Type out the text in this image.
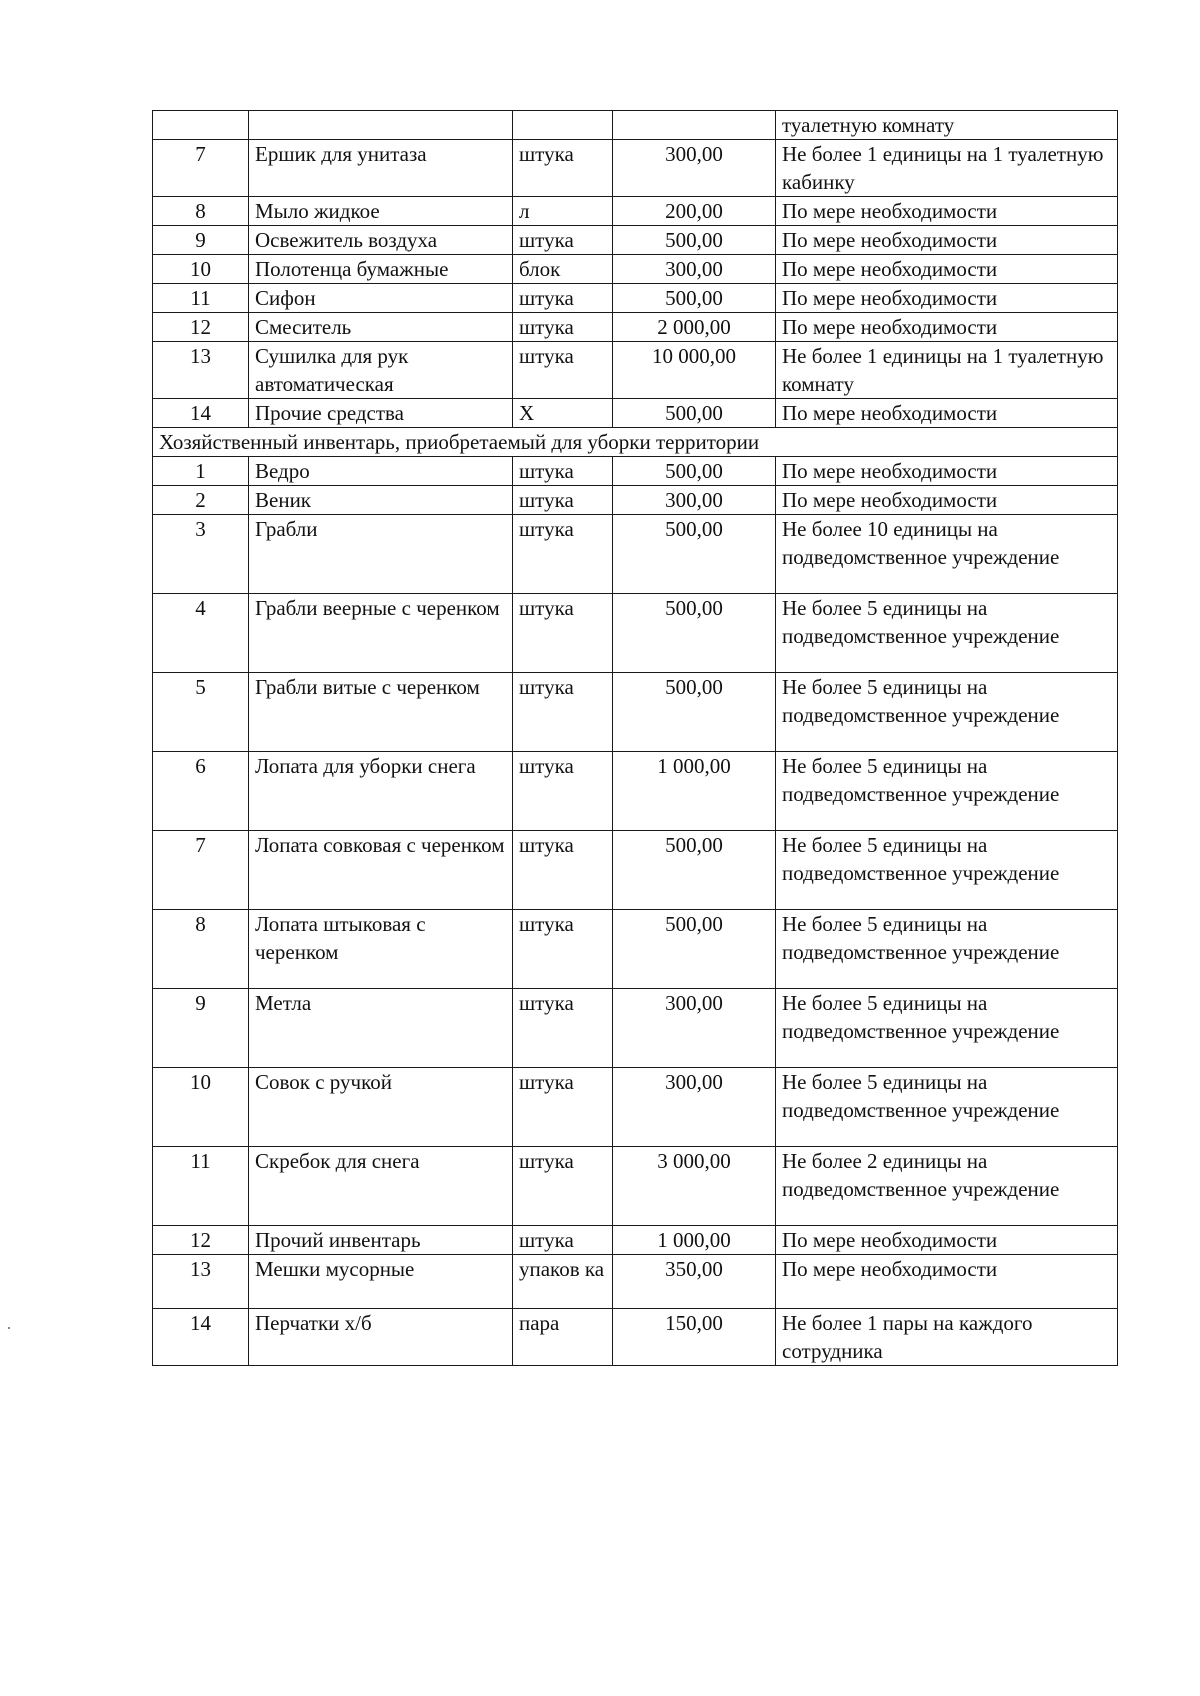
				туалетную комнату
7	Ершик для унитаза	штука	300,00	Не более 1 единицы на 1 туалетную кабинку
8	Мыло жидкое	л	200,00	По мере необходимости
9	Освежитель воздуха	штука	500,00	По мере необходимости
10	Полотенца бумажные	блок	300,00	По мере необходимости
11	Сифон	штука	500,00	По мере необходимости
12	Смеситель	штука	2 000,00	По мере необходимости
13	Сушилка для рук автоматическая	штука	10 000,00	Не более 1 единицы на 1 туалетную комнату
14	Прочие средства	Х	500,00	По мере необходимости
Хозяйственный инвентарь, приобретаемый для уборки территории				
1	Ведро	штука	500,00	По мере необходимости
2	Веник	штука	300,00	По мере необходимости
3	Грабли	штука	500,00	Не более 10 единицы на подведомственное учреждение
4	Грабли веерные с черенком	штука	500,00	Не более 5 единицы на подведомственное учреждение
5	Грабли витые с черенком	штука	500,00	Не более 5 единицы на подведомственное учреждение
6	Лопата для уборки снега	штука	1 000,00	Не более 5 единицы на подведомственное учреждение
7	Лопата совковая с черенком	штука	500,00	Не более 5 единицы на подведомственное учреждение
8	Лопата штыковая с черенком	штука	500,00	Не более 5 единицы на подведомственное учреждение
9	Метла	штука	300,00	Не более 5 единицы на подведомственное учреждение
10	Совок с ручкой	штука	300,00	Не более 5 единицы на подведомственное учреждение
11	Скребок для снега	штука	3 000,00	Не более 2 единицы на подведомственное учреждение
12	Прочий инвентарь	штука	1 000,00	По мере необходимости
13	Мешки мусорные	упаков ка	350,00	По мере необходимости
14	Перчатки х/б	пара	150,00	Не более 1 пары на каждого сотрудника
